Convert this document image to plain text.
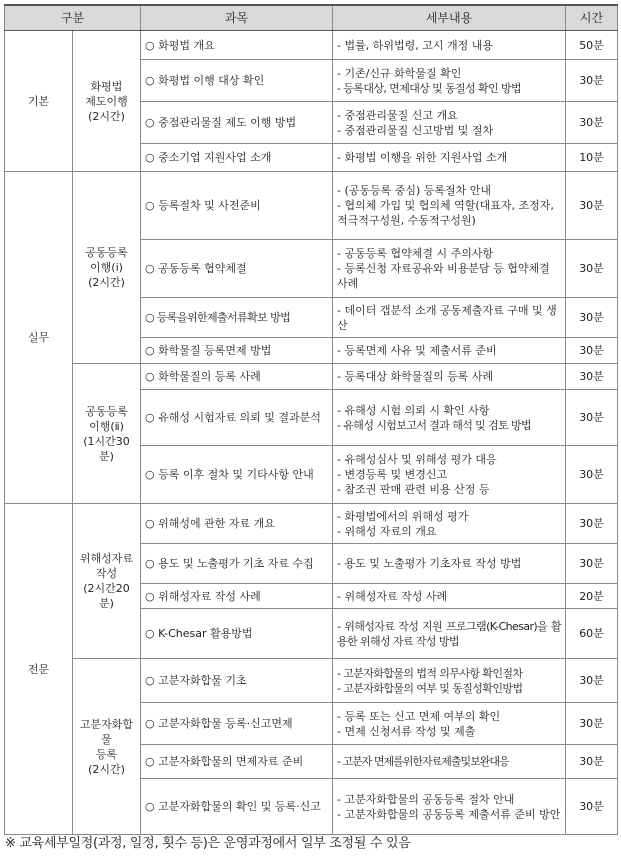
구분		과목	세부내용	시간
기본	화평법
제도이행
(2시간)	○ 화평법 개요	- 법률, 하위법령, 고시 개정 내용	50분
		○ 화평법 이행 대상 확인	- 기존/신규 화학물질 확인
- 등록대상, 면제대상 및 동질성 확인 방법	30분
		○ 중점관리물질 제도 이행 방법	- 중점관리물질 신고 개요
- 중점관리물질 신고방법 및 절차	30분
		○ 중소기업 지원사업 소개	- 화평법 이행을 위한 지원사업 소개	10분
실무	공동등록
이행(ⅰ)
(2시간)	○ 등록절차 및 사전준비	- (공동등록 중심) 등록절차 안내
- 협의체 가입 및 협의체 역할(대표자, 조정자, 적극적구성원, 수동적구성원)	30분
		○ 공동등록 협약체결	- 공동등록 협약체결 시 주의사항
- 등록신청 자료공유와 비용분담 등 협약체결 사례	30분
		○ 등록을위한제출서류확보 방법	- 데이터 갭분석 소개 공동제출자료 구매 및 생산	30분
		○ 화학물질 등록면제 방법	- 등록면제 사유 및 제출서류 준비	30분
	공동등록
이행(ⅱ)
(1시간30분)	○ 화학물질의 등록 사례	- 등록대상 화학물질의 등록 사례	30분
		○ 유해성 시험자료 의뢰 및 결과분석	- 유해성 시험 의뢰 시 확인 사항
- 유해성 시험보고서 결과 해석 및 검토 방법	30분
		○ 등록 이후 절차 및 기타사항 안내	- 유해성심사 및 위해성 평가 대응
- 변경등록 및 변경신고
- 참조권 판매 관련 비용 산정 등	30분
전문	위해성자료
작성
(2시간20분)	○ 위해성에 관한 자료 개요	- 화평법에서의 위해성 평가
- 위해성 자료의 개요	30분
		○ 용도 및 노출평가 기초 자료 수집	- 용도 및 노출평가 기초자료 작성 방법	30분
		○ 위해성자료 작성 사례	- 위해성자료 작성 사례	20분
		○ K-Chesar 활용방법	- 위해성자료 작성 지원 프로그램(K-Chesar)을 활용한 위해성 자료 작성 방법	60분
	고분자화합물
등록
(2시간)	○ 고분자화합물 기초	- 고분자화합물의 법적 의무사항 확인절차
- 고분자화합물의 여부 및 동질성확인방법	30분
		○ 고분자화합물 등록·신고면제	- 등록 또는 신고 면제 여부의 확인
- 면제 신청서류 작성 및 제출	30분
		○ 고분자화합물의 면제자료 준비	- 고분자 면제를위한자료제출및보완대응	30분
		○ 고분자화합물의 확인 및 등록·신고	- 고분자화합물의 공동등록 절차 안내
- 고분자화합물의 공동등록 제출서류 준비 방안	30분
※ 교육세부일정(과정, 일정, 횟수 등)은 운영과정에서 일부 조정될 수 있음
